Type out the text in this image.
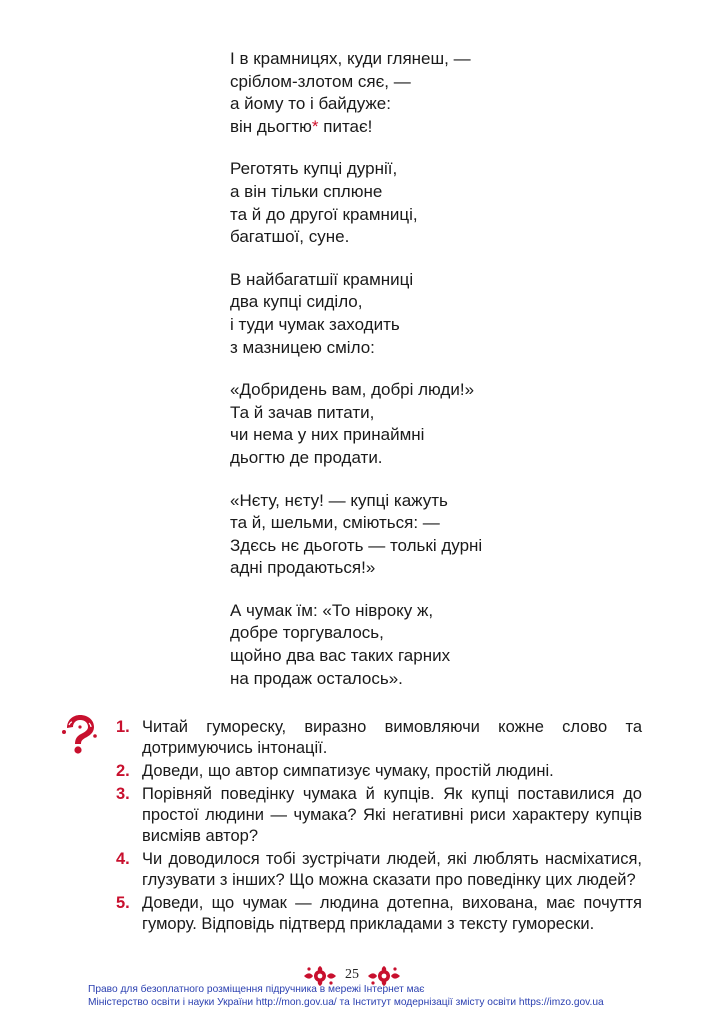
І в крамницях, куди глянеш, —
сріблом-злотом сяє, —
а йому то і байдуже:
він дьогтю* питає!
Реготять купці дурнії,
а він тільки сплюне
та й до другої крамниці,
багатшої, суне.
В найбагатшії крамниці
два купці сиділо,
і туди чумак заходить
з мазницею сміло:
«Добридень вам, добрі люди!»
Та й зачав питати,
чи нема у них принаймні
дьогтю де продати.
«Нєту, нєту! — купці кажуть
та й, шельми, сміються: —
Здєсь нє дьоготь — толькі дурні
адні продаються!»
А чумак їм: «То нівроку ж,
добре торгувалось,
щойно два вас таких гарних
на продаж осталось».
1. Читай гумореску, виразно вимовляючи кожне слово та дотримуючись інтонації.
2. Доведи, що автор симпатизує чумаку, простій людині.
3. Порівняй поведінку чумака й купців. Як купці поставилися до простої людини — чумака? Які негативні риси характеру купців висміяв автор?
4. Чи доводилося тобі зустрічати людей, які люблять насміхатися, глузувати з інших? Що можна сказати про поведінку цих людей?
5. Доведи, що чумак — людина дотепна, вихована, має почуття гумору. Відповідь підтверд прикладами з тексту гуморески.
25
Право для безоплатного розміщення підручника в мережі Інтернет має
Міністерство освіти і науки України http://mon.gov.ua/ та Інститут модернізації змісту освіти https://imzo.gov.ua
